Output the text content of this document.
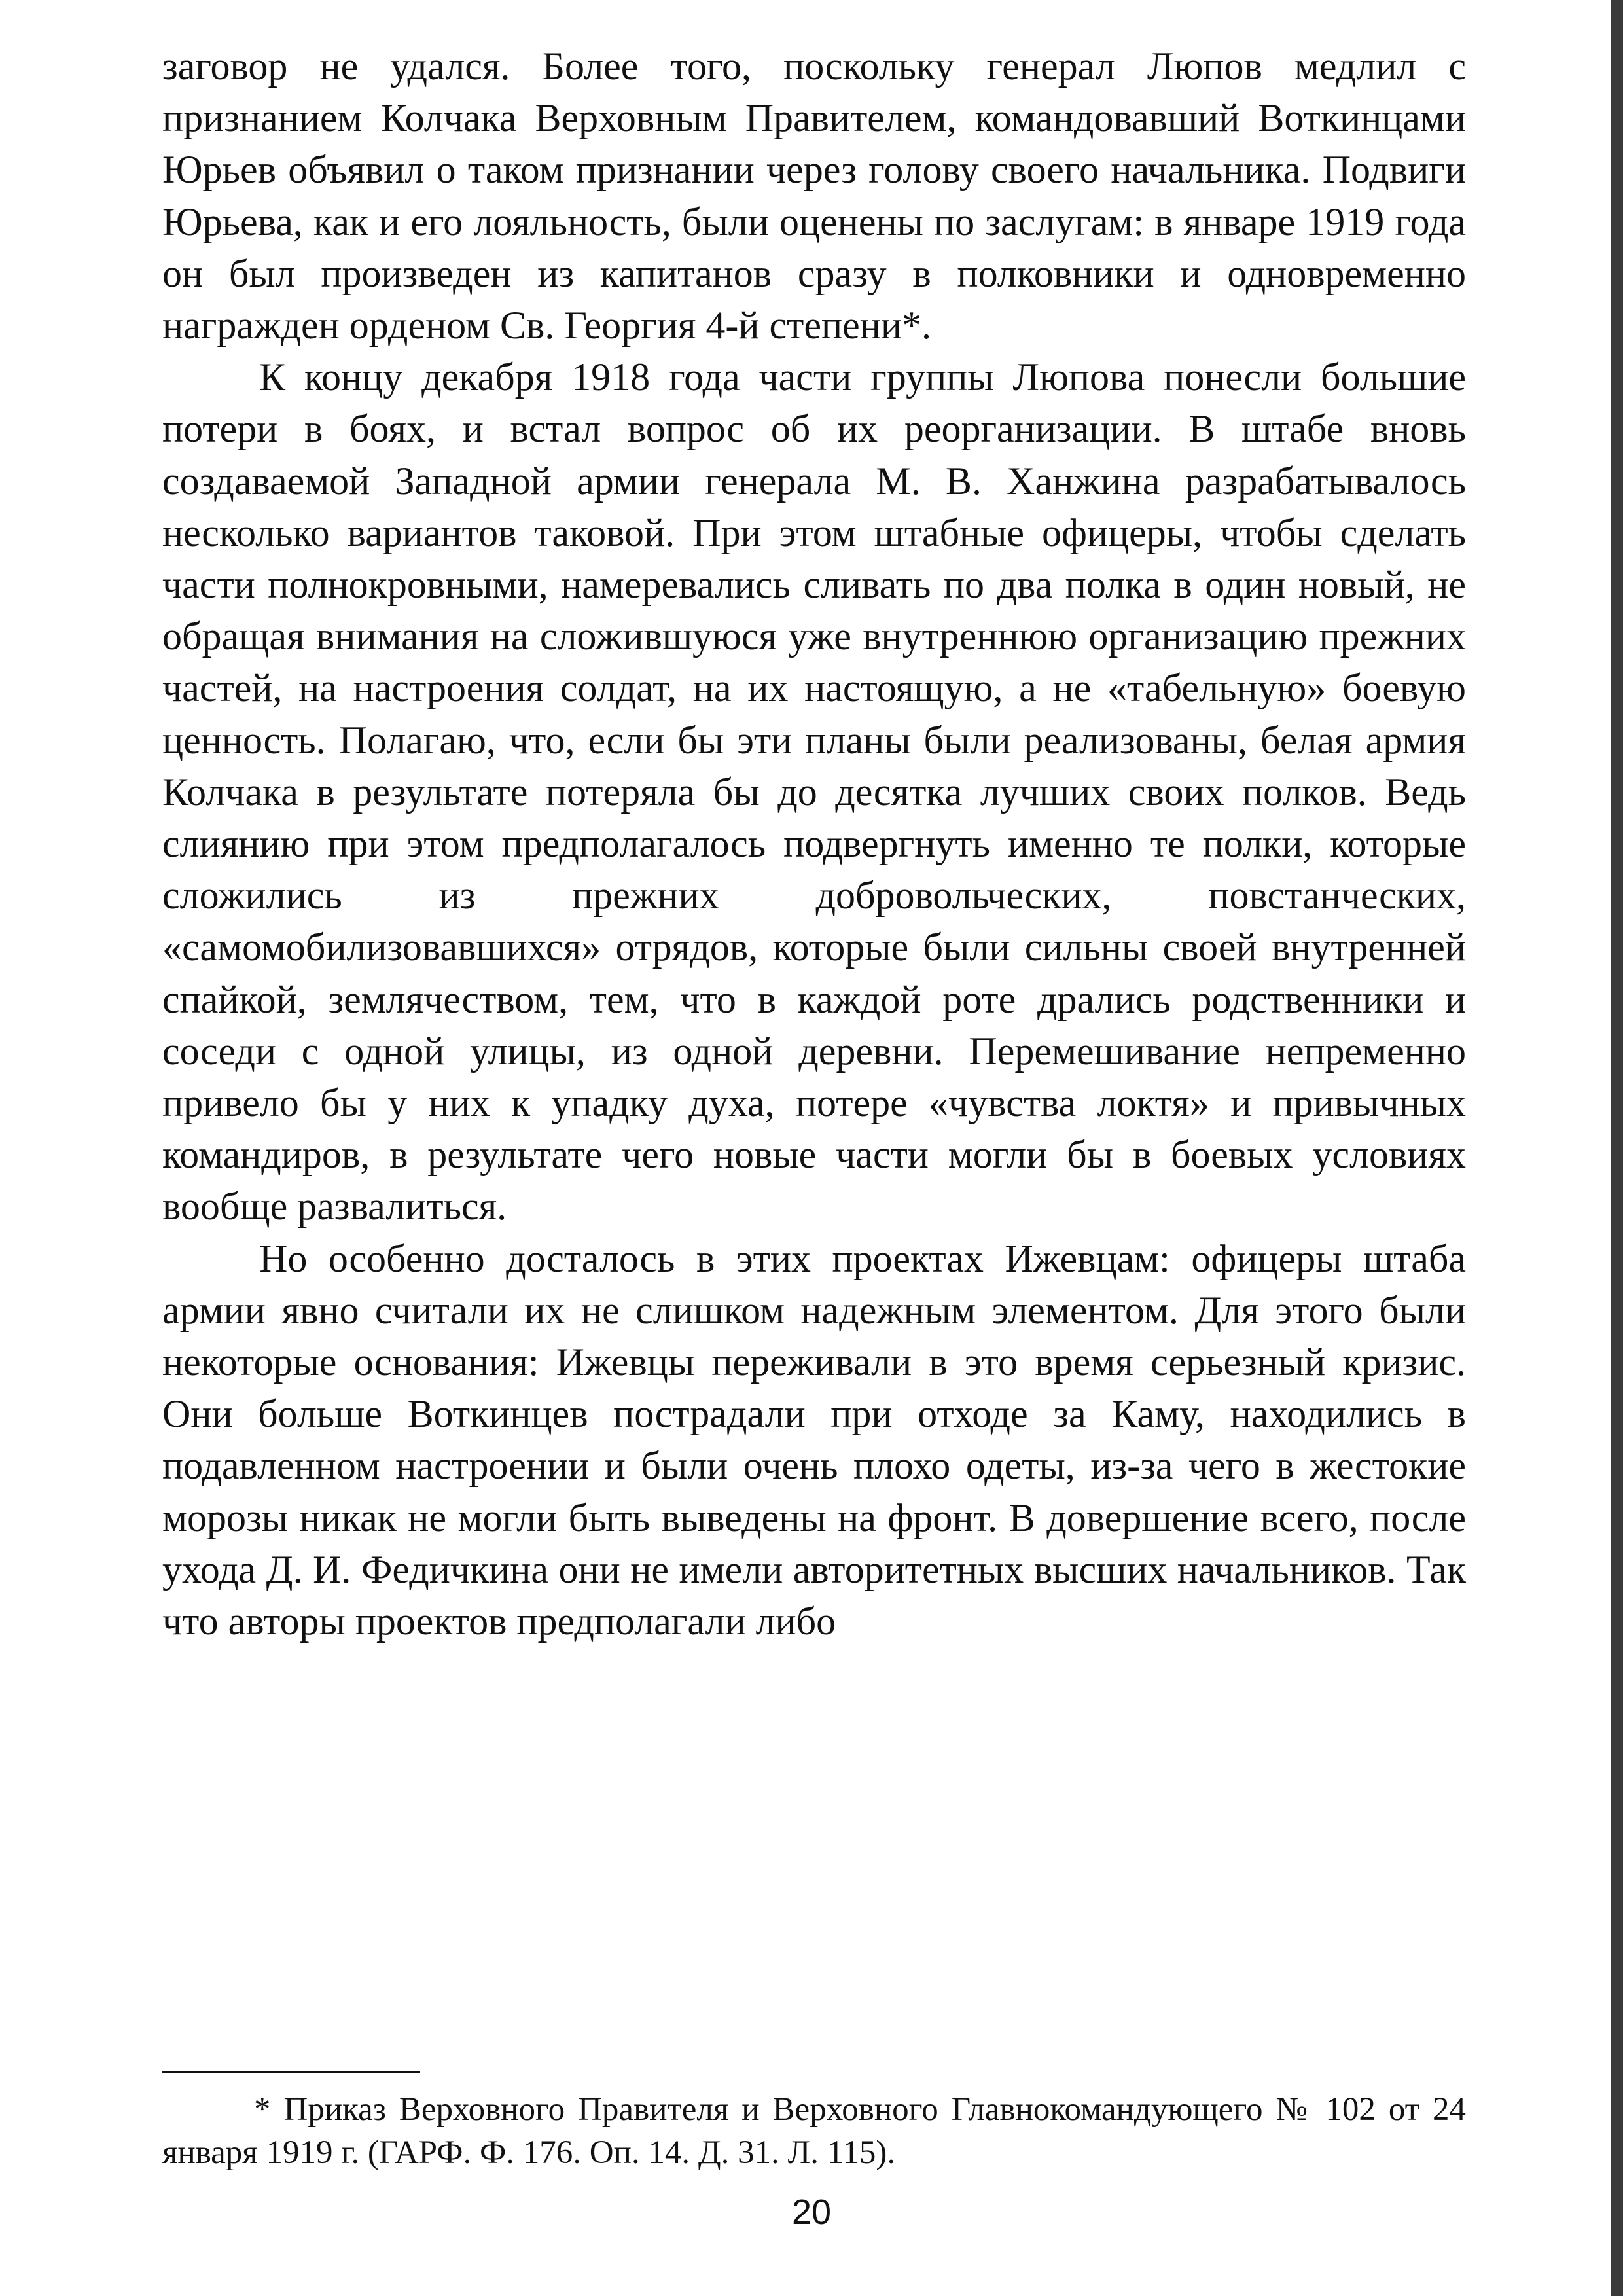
заговор не удался. Более того, поскольку генерал Люпов медлил с признанием Колчака Верховным Правителем, командовавший Воткинцами Юрьев объявил о таком признании через голову своего начальника. Подвиги Юрьева, как и его лояльность, были оценены по заслугам: в январе 1919 года он был произведен из капитанов сразу в полковники и одновременно награжден орденом Св. Георгия 4-й степени*.

К концу декабря 1918 года части группы Люпова понесли большие потери в боях, и встал вопрос об их реорганизации. В штабе вновь создаваемой Западной армии генерала М. В. Ханжина разрабатывалось несколько вариантов таковой. При этом штабные офицеры, чтобы сделать части полнокровными, намеревались сливать по два полка в один новый, не обращая внимания на сложившуюся уже внутреннюю организацию прежних частей, на настроения солдат, на их настоящую, а не «табельную» боевую ценность. Полагаю, что, если бы эти планы были реализованы, белая армия Колчака в результате потеряла бы до десятка лучших своих полков. Ведь слиянию при этом предполагалось подвергнуть именно те полки, которые сложились из прежних добровольческих, повстанческих, «самомобилизовавшихся» отрядов, которые были сильны своей внутренней спайкой, землячеством, тем, что в каждой роте дрались родственники и соседи с одной улицы, из одной деревни. Перемешивание непременно привело бы у них к упадку духа, потере «чувства локтя» и привычных командиров, в результате чего новые части могли бы в боевых условиях вообще развалиться.

Но особенно досталось в этих проектах Ижевцам: офицеры штаба армии явно считали их не слишком надежным элементом. Для этого были некоторые основания: Ижевцы переживали в это время серьезный кризис. Они больше Воткинцев пострадали при отходе за Каму, находились в подавленном настроении и были очень плохо одеты, из-за чего в жестокие морозы никак не могли быть выведены на фронт. В довершение всего, после ухода Д. И. Федичкина они не имели авторитетных высших начальников. Так что авторы проектов предполагали либо

* Приказ Верховного Правителя и Верховного Главнокомандующего № 102 от 24 января 1919 г. (ГАРФ. Ф. 176. Оп. 14. Д. 31. Л. 115).

20
